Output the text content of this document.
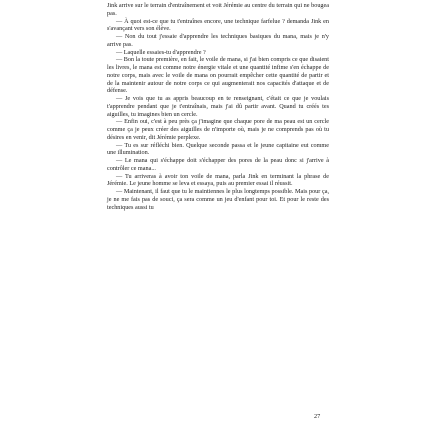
Jink arrive sur le terrain d'entraînement et voit Jérémie au centre du terrain qui ne bougea pas.

— À quoi est-ce que tu t'entraînes encore, une technique farfelue ? demanda Jink en s'avançant vers son élève.

— Non du tout j'essaie d'apprendre les techniques basiques du mana, mais je n'y arrive pas.

— Laquelle essaies-tu d'apprendre ?

— Bon la toute première, en fait, le voile de mana, si j'ai bien compris ce que disaient les livres, le mana est comme notre énergie vitale et une quantité infime s'en échappe de notre corps, mais avec le voile de mana on pourrait empêcher cette quantité de partir et de la maintenir autour de notre corps ce qui augmenterait nos capacités d'attaque et de défense.

— Je vois que tu as appris beaucoup en te renseignant, c'était ce que je voulais t'apprendre pendant que je t'entraînais, mais j'ai dû partir avant. Quand tu créés tes aiguilles, tu imagines bien un cercle.

— Enfin oui, c'est à peu près ça j'imagine que chaque pore de ma peau est un cercle comme ça je peux créer des aiguilles de n'importe où, mais je ne comprends pas où tu désires en venir, dit Jérémie perplexe.

— Tu es sur réfléchi bien. Quelque seconde passa et le jeune capitaine eut comme une illumination.

— Le mana qui s'échappe doit s'échapper des pores de la peau donc si j'arrive à contrôler ce mana...

— Tu arriveras à avoir ton voile de mana, parla Jink en terminant la phrase de Jérémie. Le jeune homme se leva et essaya, puis au premier essai il réussit.

— Maintenant, il faut que tu le maintiennes le plus longtemps possible. Mais pour ça, je ne me fais pas de souci, ça sera comme un jeu d'enfant pour toi. Et pour le reste des techniques aussi tu

27
